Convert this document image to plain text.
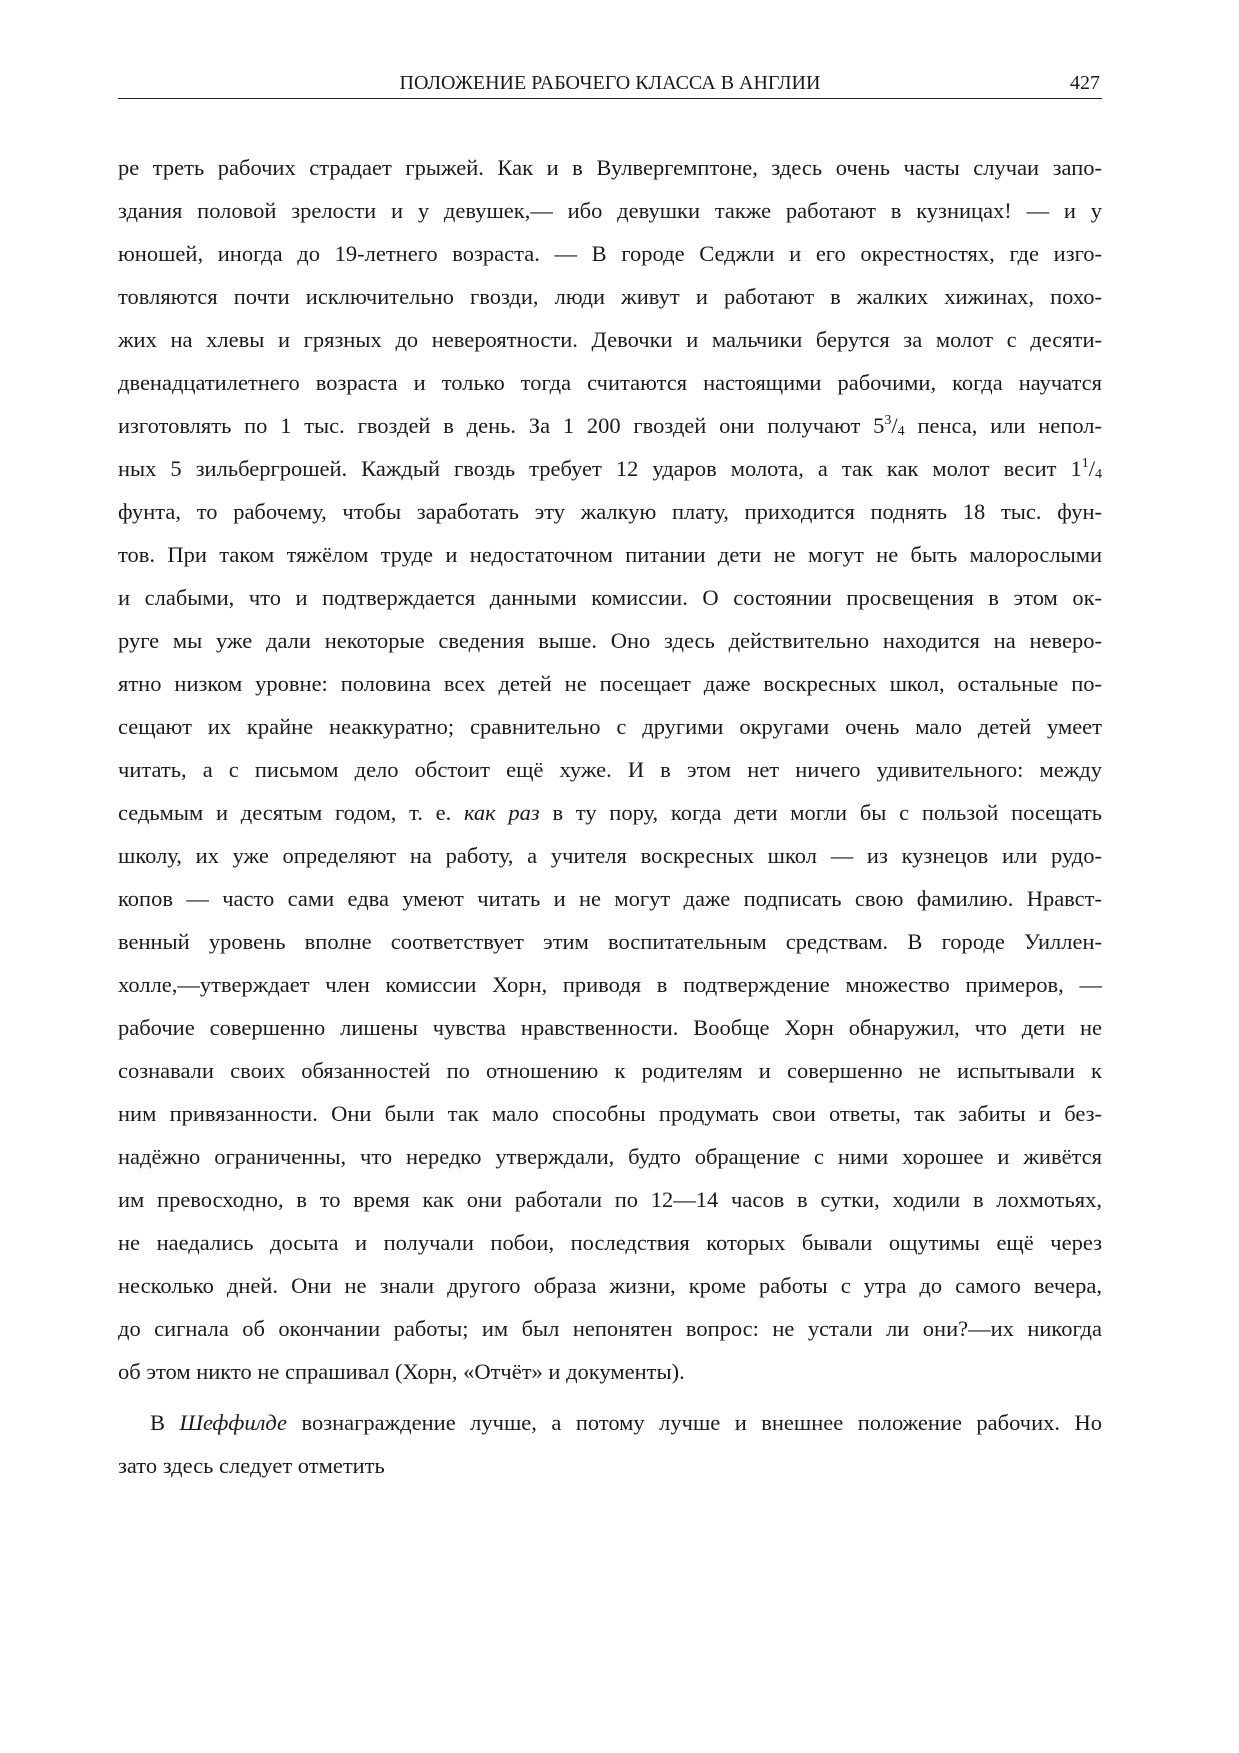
ПОЛОЖЕНИЕ РАБОЧЕГО КЛАССА В АНГЛИИ	427
ре треть рабочих страдает грыжей. Как и в Вулвергемптоне, здесь очень часты случаи запо-
здания половой зрелости и у девушек,— ибо девушки также работают в кузницах! — и у
юношей, иногда до 19-летнего возраста. — В городе Седжли и его окрестностях, где изго-
товляются почти исключительно гвозди, люди живут и работают в жалких хижинах, похо-
жих на хлевы и грязных до невероятности. Девочки и мальчики берутся за молот с десяти-
двенадцатилетнего возраста и только тогда считаются настоящими рабочими, когда научатся
изготовлять по 1 тыс. гвоздей в день. За 1 200 гвоздей они получают $5^3/_4$ пенса, или непол-
ных 5 зильбергрошей. Каждый гвоздь требует 12 ударов молота, а так как молот весит $1^1/_4$
фунта, то рабочему, чтобы заработать эту жалкую плату, приходится поднять 18 тыс. фун-
тов. При таком тяжёлом труде и недостаточном питании дети не могут не быть малорослыми
и слабыми, что и подтверждается данными комиссии. О состоянии просвещения в этом ок-
руге мы уже дали некоторые сведения выше. Оно здесь действительно находится на неверо-
ятно низком уровне: половина всех детей не посещает даже воскресных школ, остальные по-
сещают их крайне неаккуратно; сравнительно с другими округами очень мало детей умеет
читать, а с письмом дело обстоит ещё хуже. И в этом нет ничего удивительного: между
седьмым и десятым годом, т. е. как раз в ту пору, когда дети могли бы с пользой посещать
школу, их уже определяют на работу, а учителя воскресных школ — из кузнецов или рудо-
копов — часто сами едва умеют читать и не могут даже подписать свою фамилию. Нравст-
венный уровень вполне соответствует этим воспитательным средствам. В городе Уиллен-
холле,—утверждает член комиссии Хорн, приводя в подтверждение множество примеров, —
рабочие совершенно лишены чувства нравственности. Вообще Хорн обнаружил, что дети не
сознавали своих обязанностей по отношению к родителям и совершенно не испытывали к
ним привязанности. Они были так мало способны продумать свои ответы, так забиты и без-
надёжно ограниченны, что нередко утверждали, будто обращение с ними хорошее и живётся
им превосходно, в то время как они работали по 12—14 часов в сутки, ходили в лохмотьях,
не наедались досыта и получали побои, последствия которых бывали ощутимы ещё через
несколько дней. Они не знали другого образа жизни, кроме работы с утра до самого вечера,
до сигнала об окончании работы; им был непонятен вопрос: не устали ли они?—их никогда
об этом никто не спрашивал (Хорн, «Отчёт» и документы).
В Шеффилде вознаграждение лучше, а потому лучше и внешнее положение рабочих. Но
зато здесь следует отметить
